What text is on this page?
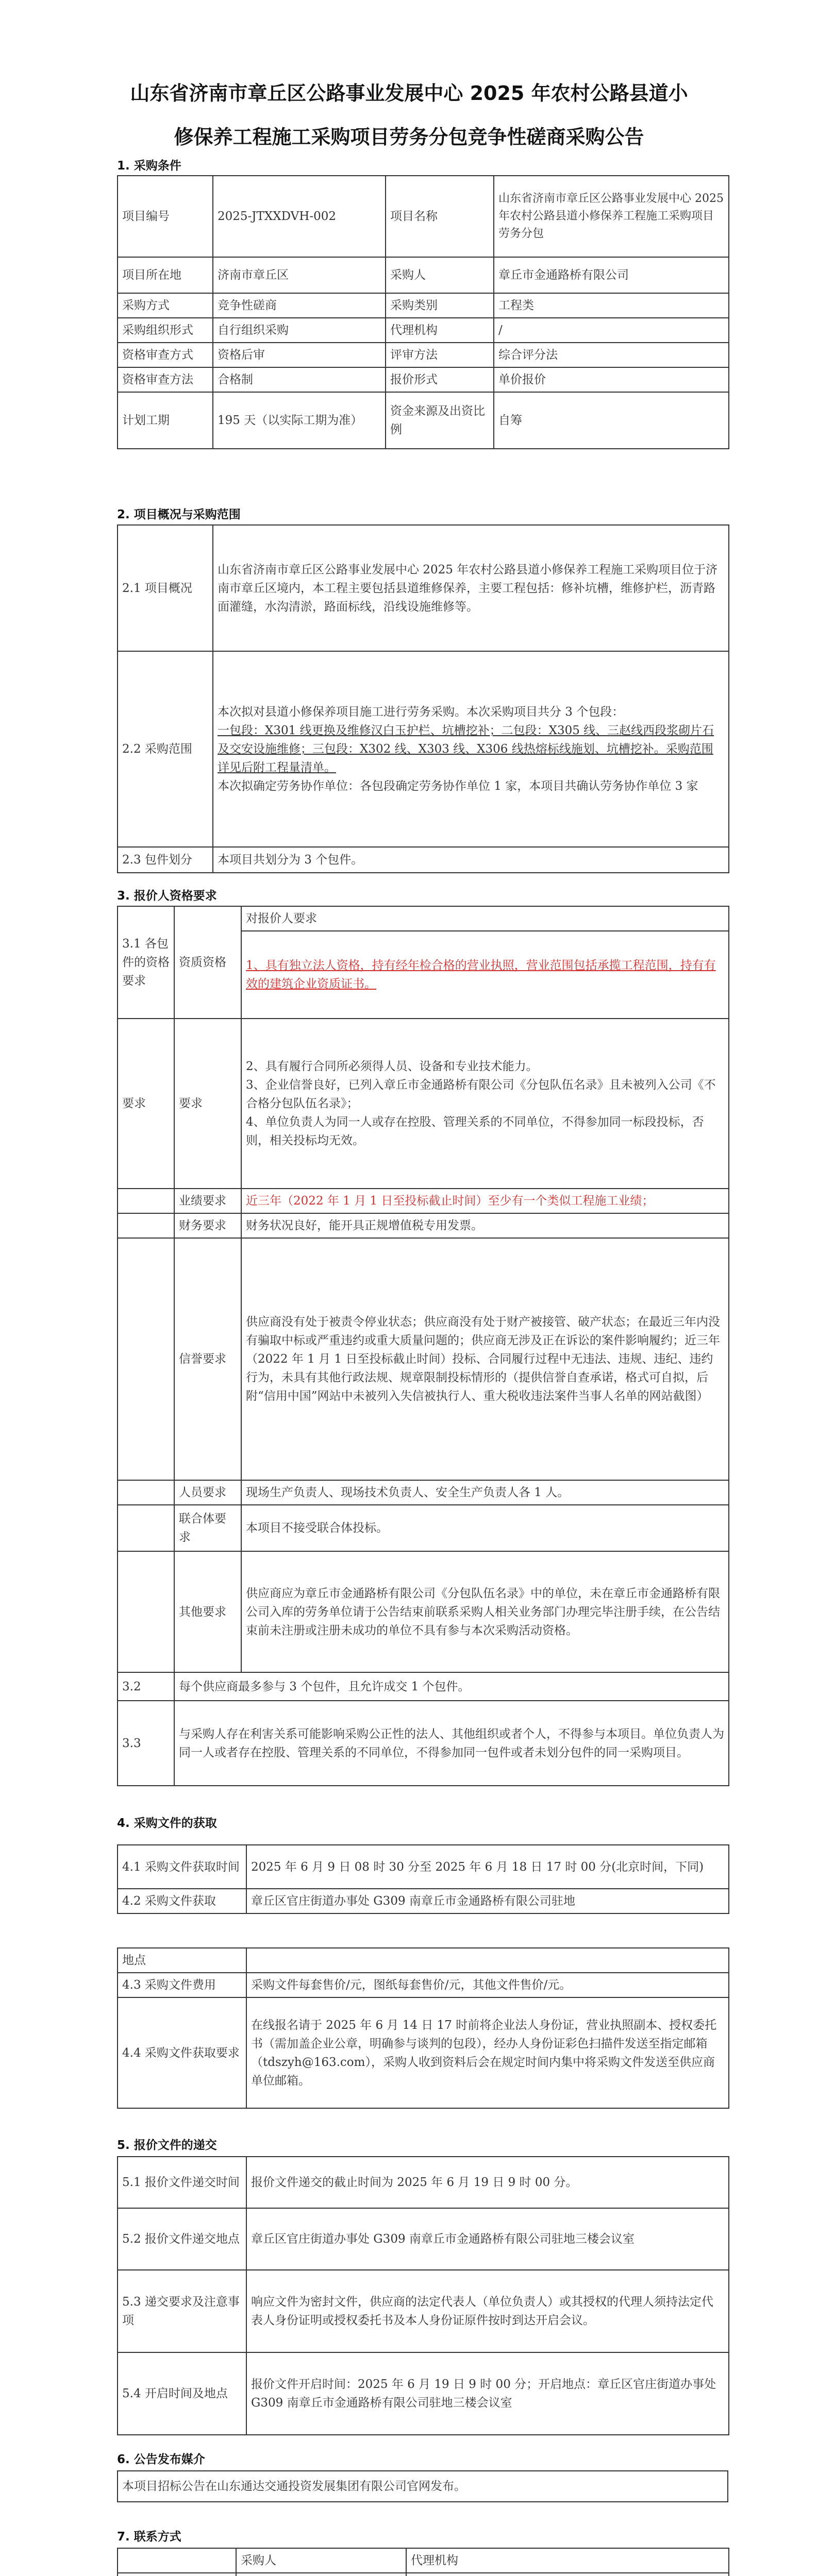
山东省济南市章丘区公路事业发展中心 2025 年农村公路县道小
修保养工程施工采购项目劳务分包竞争性磋商采购公告
1. 采购条件
项目编号	2025-JTXXDVH-002	项目名称	山东省济南市章丘区公路事业发展中心 2025 年农村公路县道小修保养工程施工采购项目劳务分包
项目所在地	济南市章丘区	采购人	章丘市金通路桥有限公司
采购方式	竞争性磋商	采购类别	工程类
采购组织形式	自行组织采购	代理机构	/
资格审查方式	资格后审	评审方法	综合评分法
资格审查方法	合格制	报价形式	单价报价
计划工期	195 天（以实际工期为准）	资金来源及出资比例	自筹
2. 项目概况与采购范围
2.1 项目概况	山东省济南市章丘区公路事业发展中心 2025 年农村公路县道小修保养工程施工采购项目位于济南市章丘区境内，本工程主要包括县道维修保养，主要工程包括：修补坑槽，维修护栏，沥青路面灌缝，水沟清淤，路面标线，沿线设施维修等。
2.2 采购范围	本次拟对县道小修保养项目施工进行劳务采购。本次采购项目共分 3 个包段：
一包段：X301 线更换及维修汉白玉护栏、坑槽挖补；二包段：X305 线、三赵线西段浆砌片石及交安设施维修；三包段：X302 线、X303 线、X306 线热熔标线施划、坑槽挖补。采购范围详见后附工程量清单。
本次拟确定劳务协作单位：各包段确定劳务协作单位 1 家，本项目共确认劳务协作单位 3 家

2.3 包件划分	本项目共划分为 3 个包件。
3. 报价人资格要求
3.1 各包件的资格要求	资质资格	对报价人要求
		1、具有独立法人资格，持有经年检合格的营业执照，营业范围包括承揽工程范围，持有有效的建筑企业资质证书。
要求	要求	2、具有履行合同所必须得人员、设备和专业技术能力。
3、企业信誉良好，已列入章丘市金通路桥有限公司《分包队伍名录》且未被列入公司《不合格分包队伍名录》；
4、单位负责人为同一人或存在控股、管理关系的不同单位，不得参加同一标段投标，否则，相关投标均无效。

	业绩要求	近三年（2022 年 1 月 1 日至投标截止时间）至少有一个类似工程施工业绩；
	财务要求	财务状况良好，能开具正规增值税专用发票。
	信誉要求	供应商没有处于被责令停业状态；供应商没有处于财产被接管、破产状态；在最近三年内没有骗取中标或严重违约或重大质量问题的；供应商无涉及正在诉讼的案件影响履约；近三年（2022 年 1 月 1 日至投标截止时间）投标、合同履行过程中无违法、违规、违纪、违约行为，未具有其他行政法规、规章限制投标情形的（提供信誉自查承诺，格式可自拟，后附“信用中国”网站中未被列入失信被执行人、重大税收违法案件当事人名单的网站截图）
	人员要求	现场生产负责人、现场技术负责人、安全生产负责人各 1 人。
	联合体要求	本项目不接受联合体投标。
	其他要求	供应商应为章丘市金通路桥有限公司《分包队伍名录》中的单位，未在章丘市金通路桥有限公司入库的劳务单位请于公告结束前联系采购人相关业务部门办理完毕注册手续，在公告结束前未注册或注册未成功的单位不具有参与本次采购活动资格。
3.2	每个供应商最多参与 3 个包件，且允许成交 1 个包件。	
3.3	与采购人存在利害关系可能影响采购公正性的法人、其他组织或者个人，不得参与本项目。单位负责人为同一人或者存在控股、管理关系的不同单位，不得参加同一包件或者未划分包件的同一采购项目。	
4. 采购文件的获取
4.1 采购文件获取时间	2025 年 6 月 9 日 08 时 30 分至 2025 年 6 月 18 日 17 时 00 分(北京时间，下同)
4.2 采购文件获取	章丘区官庄街道办事处 G309 南章丘市金通路桥有限公司驻地
地点	
4.3 采购文件费用	采购文件每套售价/元，图纸每套售价/元，其他文件售价/元。
4.4 采购文件获取要求	在线报名请于 2025 年 6 月 14 日 17 时前将企业法人身份证，营业执照副本、授权委托书（需加盖企业公章，明确参与谈判的包段），经办人身份证彩色扫描件发送至指定邮箱（tdszyh@163.com），采购人收到资料后会在规定时间内集中将采购文件发送至供应商单位邮箱。
5. 报价文件的递交
5.1 报价文件递交时间	报价文件递交的截止时间为 2025 年 6 月 19 日 9 时 00 分。
5.2 报价文件递交地点	章丘区官庄街道办事处 G309 南章丘市金通路桥有限公司驻地三楼会议室
5.3 递交要求及注意事项	响应文件为密封文件，供应商的法定代表人（单位负责人）或其授权的代理人须持法定代表人身份证明或授权委托书及本人身份证原件按时到达开启会议。
5.4 开启时间及地点	报价文件开启时间：2025 年 6 月 19 日 9 时 00 分；开启地点：章丘区官庄街道办事处 G309 南章丘市金通路桥有限公司驻地三楼会议室
6. 公告发布媒介
本项目招标公告在山东通达交通投资发展集团有限公司官网发布。
7. 联系方式
	采购人	代理机构
